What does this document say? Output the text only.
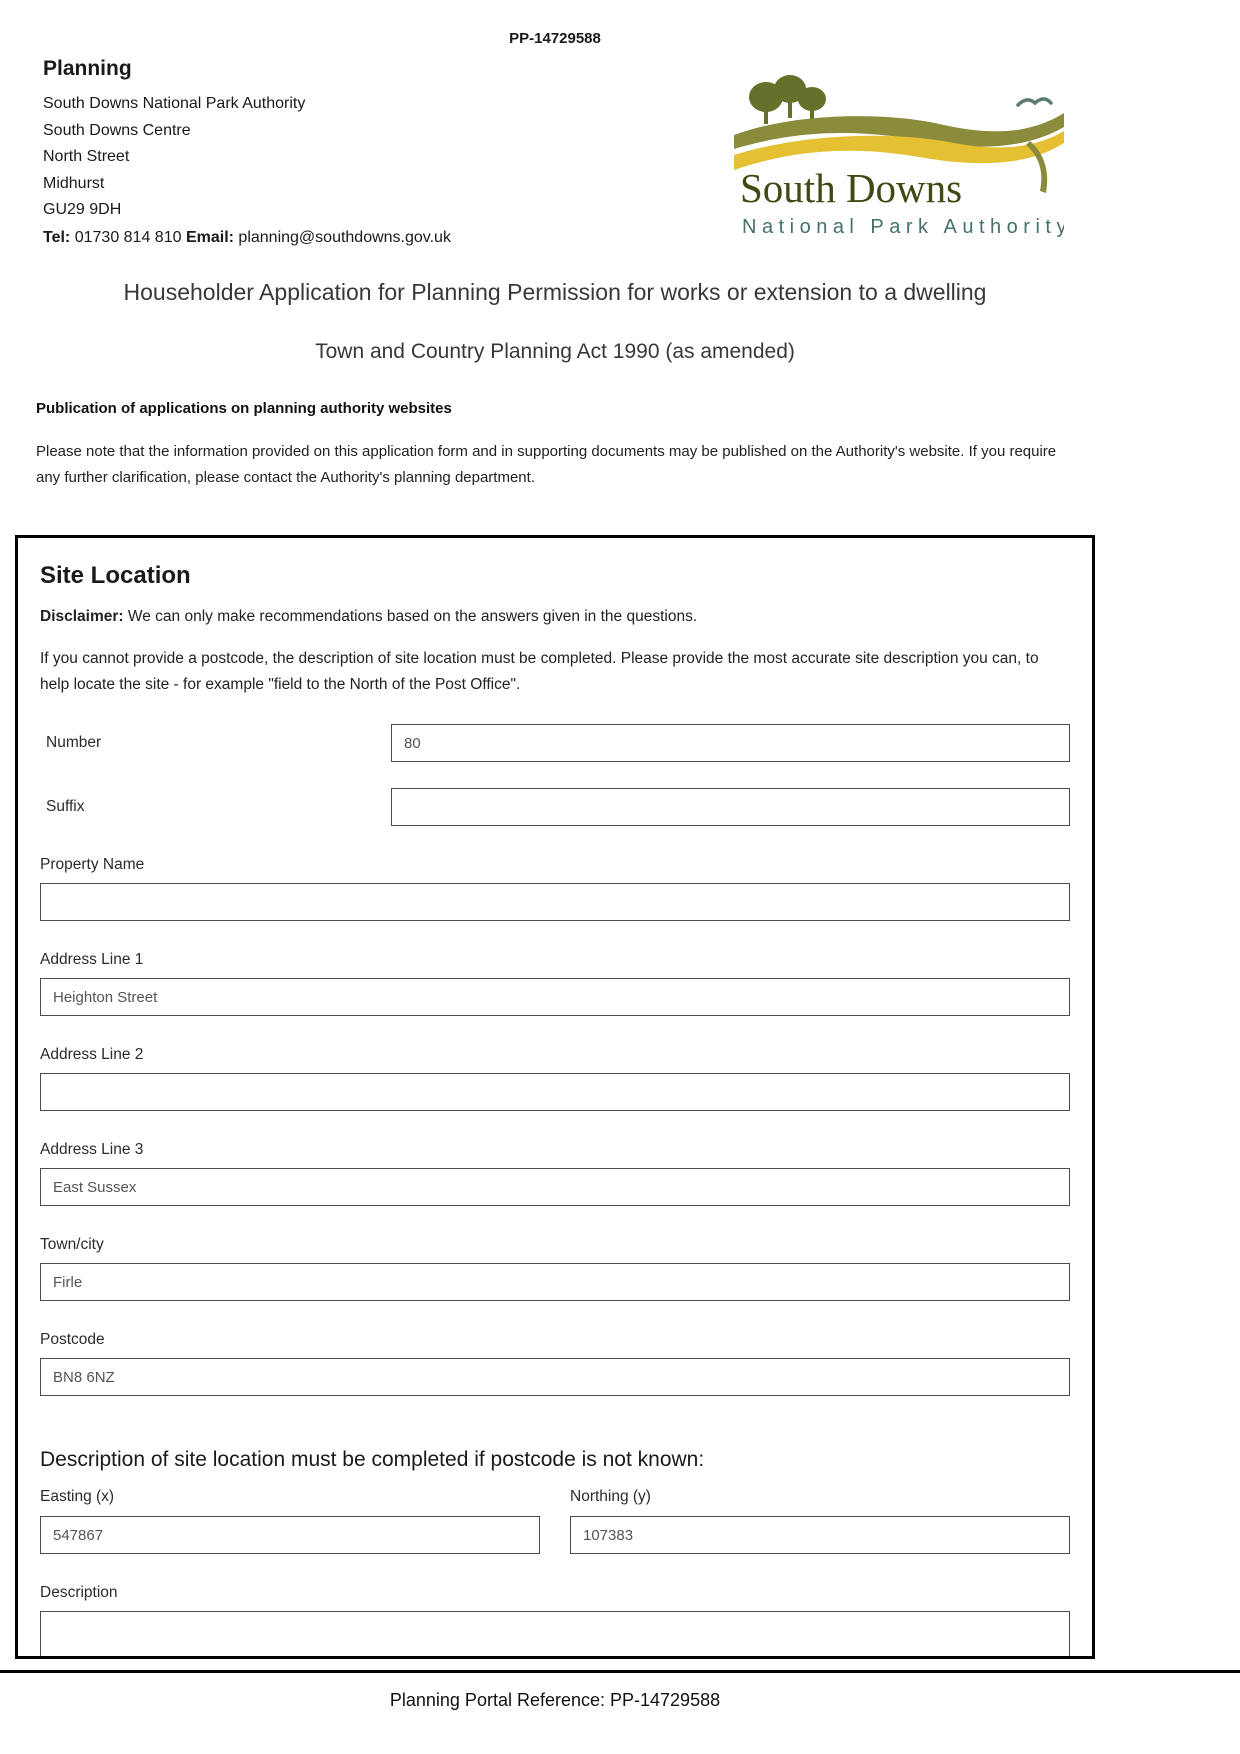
PP-14729588
Planning
South Downs National Park Authority
South Downs Centre
North Street
Midhurst
GU29 9DH
Tel: 01730 814 810 Email: planning@southdowns.gov.uk
South Downs
National Park Authority
Householder Application for Planning Permission for works or extension to a dwelling
Town and Country Planning Act 1990 (as amended)
Publication of applications on planning authority websites

Please note that the information provided on this application form and in supporting documents may be published on the Authority's website. If you require any further clarification, please contact the Authority's planning department.

Site Location

Disclaimer: We can only make recommendations based on the answers given in the questions.

If you cannot provide a postcode, the description of site location must be completed. Please provide the most accurate site description you can, to help locate the site - for example "field to the North of the Post Office".

Number
80
Suffix
Property Name
Address Line 1
Heighton Street
Address Line 2
Address Line 3
East Sussex
Town/city
Firle
Postcode
BN8 6NZ
Description of site location must be completed if postcode is not known:
Easting (x)
547867	Northing (y)
107383
Description
Planning Portal Reference: PP-14729588
